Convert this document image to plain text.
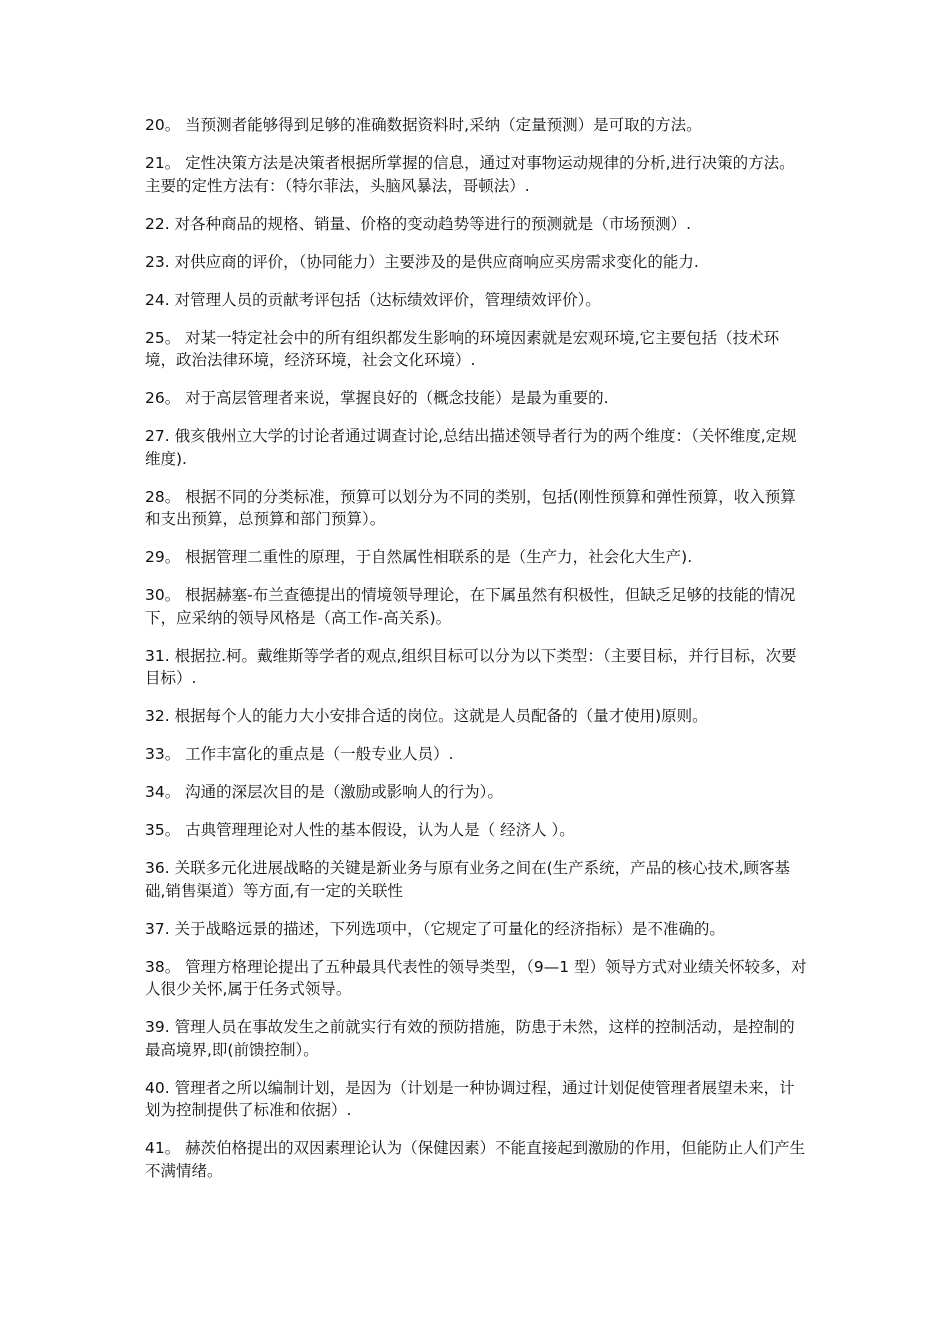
20。 当预测者能够得到足够的准确数据资料时,采纳（定量预测）是可取的方法。

21。 定性决策方法是决策者根据所掌握的信息，通过对事物运动规律的分析,进行决策的方法。主要的定性方法有：（特尔菲法，头脑风暴法，哥顿法）.

22. 对各种商品的规格、销量、价格的变动趋势等进行的预测就是（市场预测）.

23. 对供应商的评价，（协同能力）主要涉及的是供应商响应买房需求变化的能力.

24. 对管理人员的贡献考评包括（达标绩效评价，管理绩效评价）。

25。 对某一特定社会中的所有组织都发生影响的环境因素就是宏观环境,它主要包括（技术环境，政治法律环境，经济环境，社会文化环境）.

26。 对于高层管理者来说，掌握良好的（概念技能）是最为重要的.

27. 俄亥俄州立大学的讨论者通过调查讨论,总结出描述领导者行为的两个维度：（关怀维度,定规维度).

28。 根据不同的分类标准，预算可以划分为不同的类别，包括(刚性预算和弹性预算，收入预算和支出预算，总预算和部门预算）。

29。 根据管理二重性的原理，于自然属性相联系的是（生产力，社会化大生产).

30。 根据赫塞-布兰查德提出的情境领导理论，在下属虽然有积极性，但缺乏足够的技能的情况下，应采纳的领导风格是（高工作-高关系)。

31. 根据拉.柯。戴维斯等学者的观点,组织目标可以分为以下类型：（主要目标，并行目标，次要目标）.

32. 根据每个人的能力大小安排合适的岗位。这就是人员配备的（量才使用)原则。

33。 工作丰富化的重点是（一般专业人员）.

34。 沟通的深层次目的是（激励或影响人的行为）。

35。 古典管理理论对人性的基本假设，认为人是（ 经济人 ）。

36. 关联多元化进展战略的关键是新业务与原有业务之间在(生产系统，产品的核心技术,顾客基础,销售渠道）等方面,有一定的关联性

37. 关于战略远景的描述，下列选项中，（它规定了可量化的经济指标）是不准确的。

38。 管理方格理论提出了五种最具代表性的领导类型，（9—1 型）领导方式对业绩关怀较多，对人很少关怀,属于任务式领导。

39. 管理人员在事故发生之前就实行有效的预防措施，防患于未然，这样的控制活动，是控制的最高境界,即(前馈控制）。

40. 管理者之所以编制计划，是因为（计划是一种协调过程，通过计划促使管理者展望未来，计划为控制提供了标准和依据）.

41。 赫茨伯格提出的双因素理论认为（保健因素）不能直接起到激励的作用，但能防止人们产生不满情绪。
